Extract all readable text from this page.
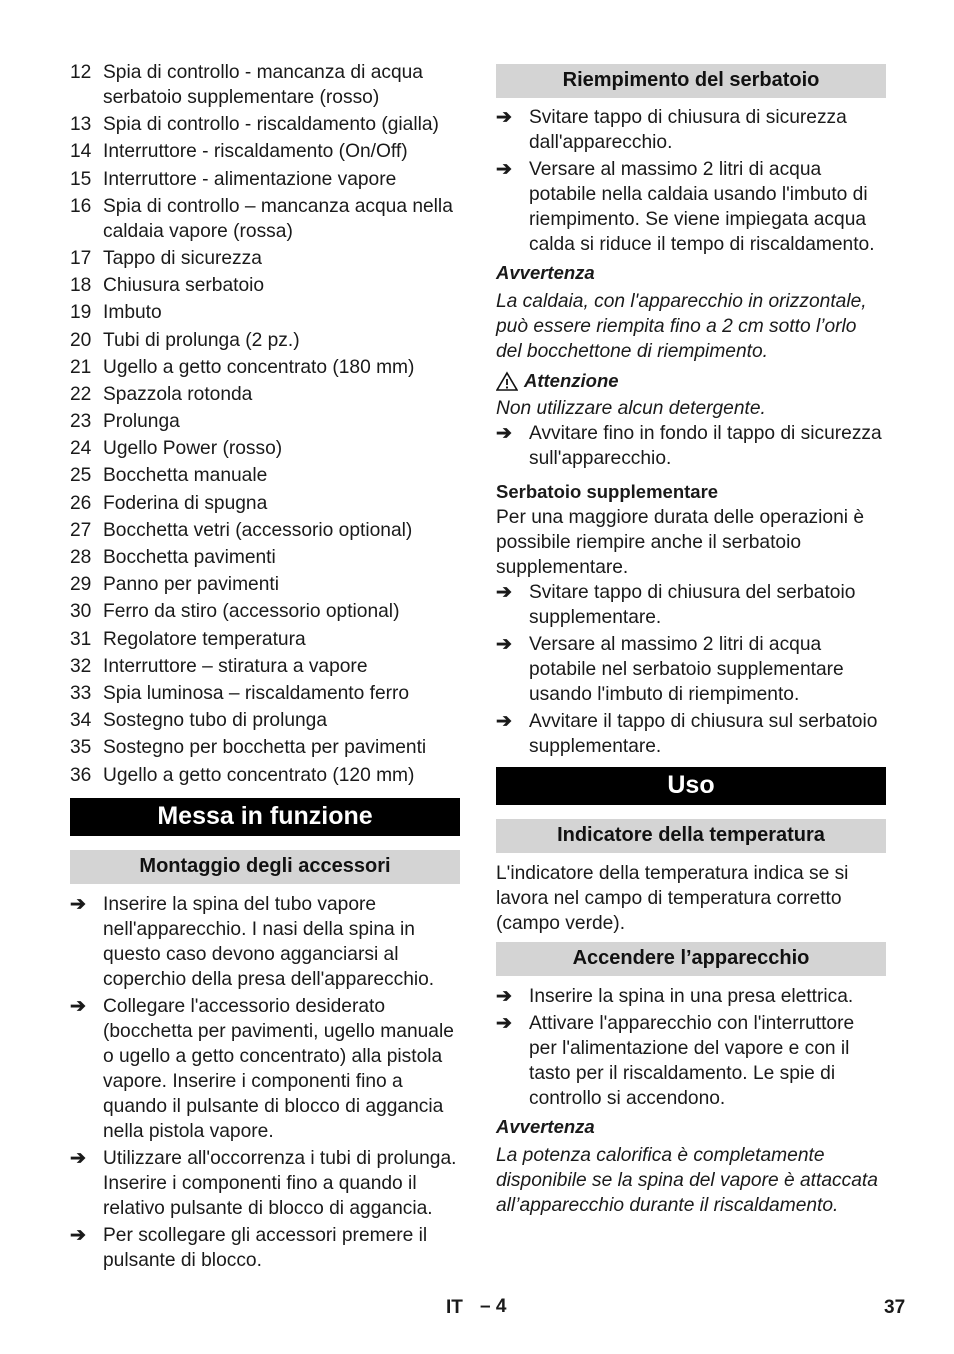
12 Spia di controllo - mancanza di acqua serbatoio supplementare (rosso)
13 Spia di controllo - riscaldamento (gialla)
14 Interruttore - riscaldamento (On/Off)
15 Interruttore - alimentazione vapore
16 Spia di controllo – mancanza acqua nella caldaia vapore (rossa)
17 Tappo di sicurezza
18 Chiusura serbatoio
19 Imbuto
20 Tubi di prolunga (2 pz.)
21 Ugello a getto concentrato (180 mm)
22 Spazzola rotonda
23 Prolunga
24 Ugello Power (rosso)
25 Bocchetta manuale
26 Foderina di spugna
27 Bocchetta vetri (accessorio optional)
28 Bocchetta pavimenti
29 Panno per pavimenti
30 Ferro da stiro (accessorio optional)
31 Regolatore temperatura
32 Interruttore – stiratura a vapore
33 Spia luminosa – riscaldamento ferro
34 Sostegno tubo di prolunga
35 Sostegno per bocchetta per pavimenti
36 Ugello a getto concentrato (120 mm)
Messa in funzione
Montaggio degli accessori
➔ Inserire la spina del tubo vapore nell'apparecchio. I nasi della spina in questo caso devono agganciarsi al coperchio della presa dell'apparecchio.
➔ Collegare l'accessorio desiderato (bocchetta per pavimenti, ugello manuale o ugello a getto concentrato) alla pistola vapore. Inserire i componenti fino a quando il pulsante di blocco di aggancia nella pistola vapore.
➔ Utilizzare all'occorrenza i tubi di prolunga. Inserire i componenti fino a quando il relativo pulsante di blocco di aggancia.
➔ Per scollegare gli accessori premere il pulsante di blocco.
Riempimento del serbatoio
➔ Svitare tappo di chiusura di sicurezza dall'apparecchio.
➔ Versare al massimo 2 litri di acqua potabile nella caldaia usando l'imbuto di riempimento. Se viene impiegata acqua calda si riduce il tempo di riscaldamento.
Avvertenza
La caldaia, con l'apparecchio in orizzontale, può essere riempita fino a 2 cm sotto l’orlo del bocchettone di riempimento.
Attenzione
Non utilizzare alcun detergente.
➔ Avvitare fino in fondo il tappo di sicurezza sull'apparecchio.
Serbatoio supplementare
Per una maggiore durata delle operazioni è possibile riempire anche il serbatoio supplementare.
➔ Svitare tappo di chiusura del serbatoio supplementare.
➔ Versare al massimo 2 litri di acqua potabile nel serbatoio supplementare usando l'imbuto di riempimento.
➔ Avvitare il tappo di chiusura sul serbatoio supplementare.
Uso
Indicatore della temperatura
L'indicatore della temperatura indica se si lavora nel campo di temperatura corretto (campo verde).
Accendere l’apparecchio
➔ Inserire la spina in una presa elettrica.
➔ Attivare l'apparecchio con l'interruttore per l'alimentazione del vapore e con il tasto per il riscaldamento. Le spie di controllo si accendono.
Avvertenza
La potenza calorifica è completamente disponibile se la spina del vapore è attaccata all’apparecchio durante il riscaldamento.
IT – 4	37
